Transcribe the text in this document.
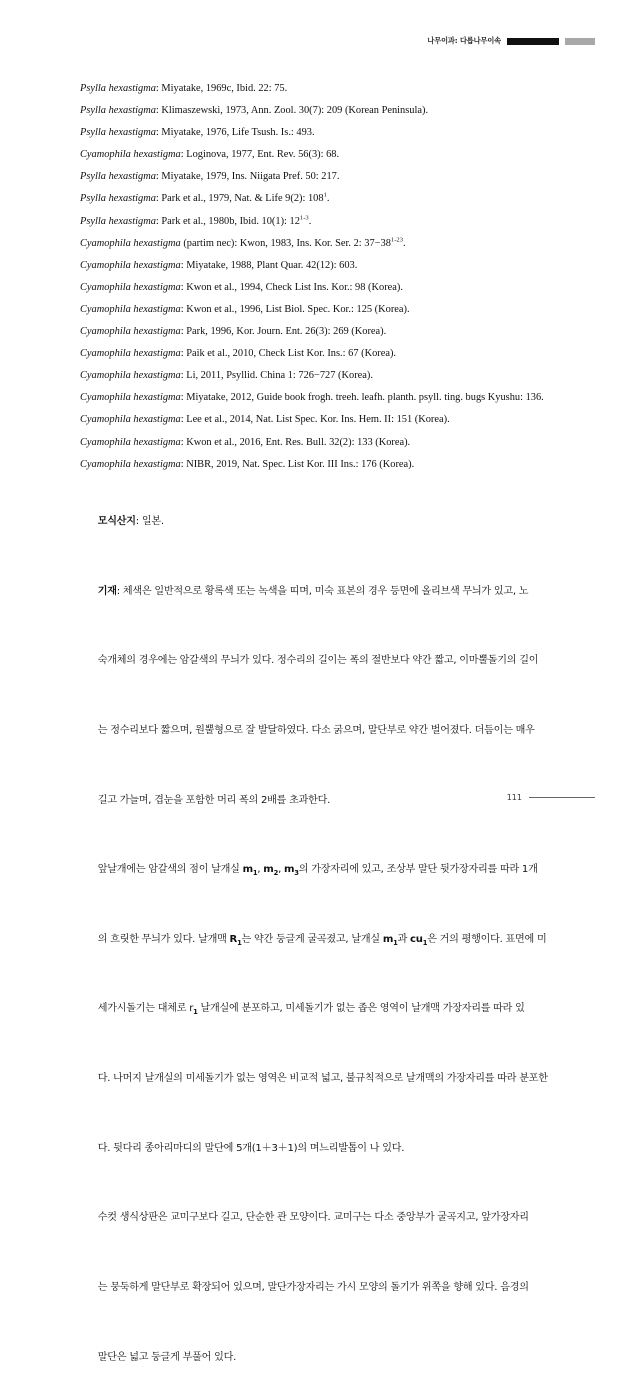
나무이과: 다릅나무이속
Psylla hexastigma: Miyatake, 1969c, Ibid. 22: 75.
Psylla hexastigma: Klimaszewski, 1973, Ann. Zool. 30(7): 209 (Korean Peninsula).
Psylla hexastigma: Miyatake, 1976, Life Tsush. Is.: 493.
Cyamophila hexastigma: Loginova, 1977, Ent. Rev. 56(3): 68.
Psylla hexastigma: Miyatake, 1979, Ins. Niigata Pref. 50: 217.
Psylla hexastigma: Park et al., 1979, Nat. & Life 9(2): $108^1$.
Psylla hexastigma: Park et al., 1980b, Ibid. 10(1): 12$^{1-3}$.
Cyamophila hexastigma (partim nec): Kwon, 1983, Ins. Kor. Ser. 2: $37-38^{1-23}$.
Cyamophila hexastigma: Miyatake, 1988, Plant Quar. 42(12): 603.
Cyamophila hexastigma: Kwon et al., 1994, Check List Ins. Kor.: 98 (Korea).
Cyamophila hexastigma: Kwon et al., 1996, List Biol. Spec. Kor.: 125 (Korea).
Cyamophila hexastigma: Park, 1996, Kor. Journ. Ent. 26(3): 269 (Korea).
Cyamophila hexastigma: Paik et al., 2010, Check List Kor. Ins.: 67 (Korea).
Cyamophila hexastigma: Li, 2011, Psyllid. China 1: 726−727 (Korea).
Cyamophila hexastigma: Miyatake, 2012, Guide book frogh. treeh. leafh. planth. psyll. ting. bugs Kyushu: 136.
Cyamophila hexastigma: Lee et al., 2014, Nat. List Spec. Kor. Ins. Hem. II: 151 (Korea).
Cyamophila hexastigma: Kwon et al., 2016, Ent. Res. Bull. 32(2): 133 (Korea).
Cyamophila hexastigma: NIBR, 2019, Nat. Spec. List Kor. III Ins.: 176 (Korea).

모식산지: 일본.

기재: 체색은 일반적으로 황록색 또는 녹색을 띠며, 미숙 표본의 경우 등면에 올리브색 무늬가 있고, 노

숙개체의 경우에는 암갈색의 무늬가 있다. 정수리의 길이는 폭의 절반보다 약간 짧고, 이마뿔돌기의 길이

는 정수리보다 짧으며, 원뿔형으로 잘 발달하였다. 다소 굵으며, 말단부로 약간 벌어졌다. 더듬이는 매우

길고 가늘며, 겹눈을 포함한 머리 폭의 2배를 초과한다.

앞날개에는 암갈색의 점이 날개실 $m_1$, $m_2$, $m_3$의 가장자리에 있고, 조상부 말단 뒷가장자리를 따라 1개

의 흐릿한 무늬가 있다. 날개맥 $R_1$는 약간 둥글게 굴곡졌고, 날개실 $m_1$과 $cu_1$은 거의 평행이다. 표면에 미

세가시돌기는 대체로 $r_1$ 날개실에 분포하고, 미세돌기가 없는 좁은 영역이 날개맥 가장자리를 따라 있

다. 나머지 날개실의 미세돌기가 없는 영역은 비교적 넓고, 불규칙적으로 날개맥의 가장자리를 따라 분포한

다. 뒷다리 종아리마디의 말단에 5개(1＋3＋1)의 며느리발톱이 나 있다.

수컷 생식상판은 교미구보다 길고, 단순한 관 모양이다. 교미구는 다소 중앙부가 굴곡지고, 앞가장자리

는 뭉둑하게 말단부로 확장되어 있으며, 말단가장자리는 가시 모양의 돌기가 위쪽을 향해 있다. 음경의

말단은 넓고 둥글게 부풀어 있다.

111
